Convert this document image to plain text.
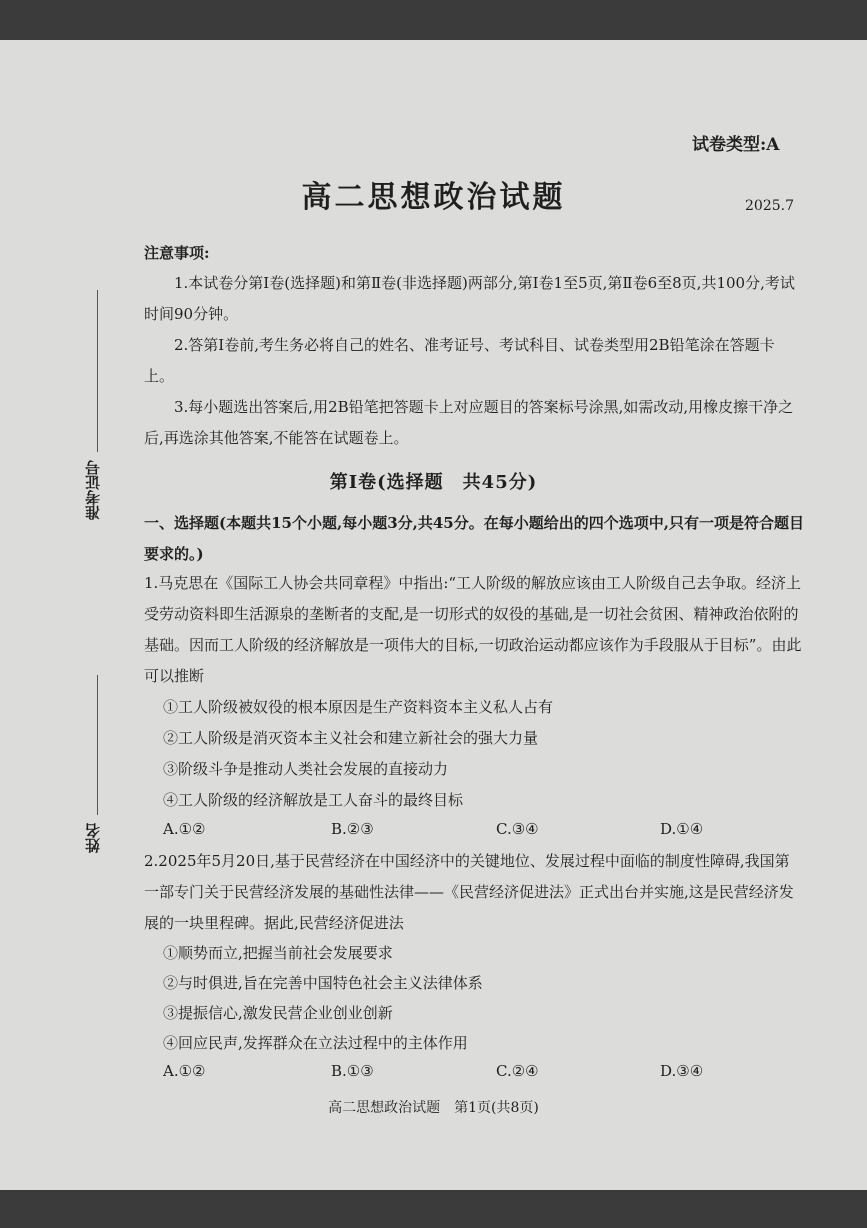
准考证号
姓名
试卷类型:A
高二思想政治试题	2025.7
注意事项:
1.本试卷分第Ⅰ卷(选择题)和第Ⅱ卷(非选择题)两部分,第Ⅰ卷1至5页,第Ⅱ卷6至8页,共100分,考试时间90分钟。
2.答第Ⅰ卷前,考生务必将自己的姓名、准考证号、考试科目、试卷类型用2B铅笔涂在答题卡上。
3.每小题选出答案后,用2B铅笔把答题卡上对应题目的答案标号涂黑,如需改动,用橡皮擦干净之后,再选涂其他答案,不能答在试题卷上。
第Ⅰ卷(选择题　共45分)
一、选择题(本题共15个小题,每小题3分,共45分。在每小题给出的四个选项中,只有一项是符合题目要求的。)
1.马克思在《国际工人协会共同章程》中指出:“工人阶级的解放应该由工人阶级自己去争取。经济上受劳动资料即生活源泉的垄断者的支配,是一切形式的奴役的基础,是一切社会贫困、精神政治依附的基础。因而工人阶级的经济解放是一项伟大的目标,一切政治运动都应该作为手段服从于目标”。由此可以推断
①工人阶级被奴役的根本原因是生产资料资本主义私人占有
②工人阶级是消灭资本主义社会和建立新社会的强大力量
③阶级斗争是推动人类社会发展的直接动力
④工人阶级的经济解放是工人奋斗的最终目标
A.①②	B.②③	C.③④	D.①④
2.2025年5月20日,基于民营经济在中国经济中的关键地位、发展过程中面临的制度性障碍,我国第一部专门关于民营经济发展的基础性法律——《民营经济促进法》正式出台并实施,这是民营经济发展的一块里程碑。据此,民营经济促进法
①顺势而立,把握当前社会发展要求
②与时俱进,旨在完善中国特色社会主义法律体系
③提振信心,激发民营企业创业创新
④回应民声,发挥群众在立法过程中的主体作用
A.①②	B.①③	C.②④	D.③④
高二思想政治试题　第1页(共8页)
